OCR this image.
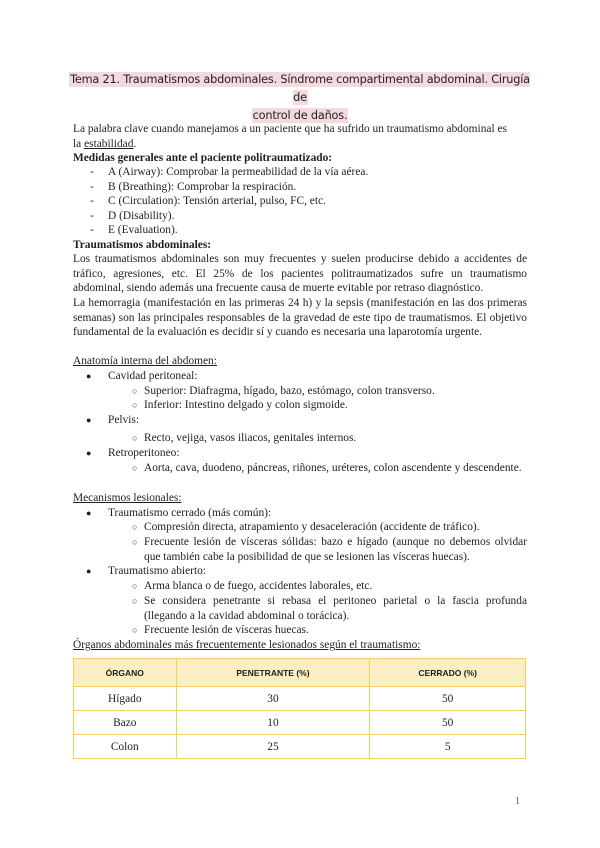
Tema 21. Traumatismos abdominales. Síndrome compartimental abdominal. Cirugía de
control de daños.
La palabra clave cuando manejamos a un paciente que ha sufrido un traumatismo abdominal es
la estabilidad.
Medidas generales ante el paciente politraumatizado:
- A (Airway): Comprobar la permeabilidad de la vía aérea.
- B (Breathing): Comprobar la respiración.
- C (Circulation): Tensión arterial, pulso, FC, etc.
- D (Disability).
- E (Evaluation).
Traumatismos abdominales:
Los traumatismos abdominales son muy frecuentes y suelen producirse debido a accidentes de tráfico, agresiones, etc. El 25% de los pacientes politraumatizados sufre un traumatismo abdominal, siendo además una frecuente causa de muerte evitable por retraso diagnóstico.
La hemorragia (manifestación en las primeras 24 h) y la sepsis (manifestación en las dos primeras semanas) son las principales responsables de la gravedad de este tipo de traumatismos. El objetivo fundamental de la evaluación es decidir sí y cuando es necesaria una laparotomía urgente.
Anatomía interna del abdomen:
● Cavidad peritoneal:
○ Superior: Diafragma, hígado, bazo, estómago, colon transverso.
○ Inferior: Intestino delgado y colon sigmoide.
● Pelvis:
○ Recto, vejiga, vasos iliacos, genitales internos.
● Retroperitoneo:
○ Aorta, cava, duodeno, páncreas, riñones, uréteres, colon ascendente y descendente.
Mecanismos lesionales:
● Traumatismo cerrado (más común):
○ Compresión directa, atrapamiento y desaceleración (accidente de tráfico).
○ Frecuente lesión de vísceras sólidas: bazo e hígado (aunque no debemos olvidar que también cabe la posibilidad de que se lesionen las vísceras huecas).
● Traumatismo abierto:
○ Arma blanca o de fuego, accidentes laborales, etc.
○ Se considera penetrante si rebasa el peritoneo parietal o la fascia profunda (llegando a la cavidad abdominal o torácica).
○ Frecuente lesión de vísceras huecas.
Órganos abdominales más frecuentemente lesionados según el traumatismo:
ÓRGANO	PENETRANTE (%)	CERRADO (%)
Hígado	30	50
Bazo	10	50
Colon	25	5
1
